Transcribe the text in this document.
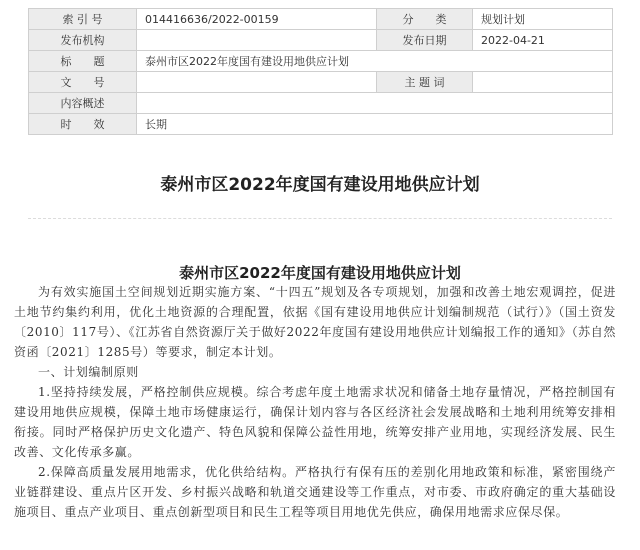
索 引 号	014416636/2022-00159	分　　类	规划计划
发布机构		发布日期	2022-04-21
标　　题	泰州市区2022年度国有建设用地供应计划		
文　　号		主 题 词	
内容概述			
时　　效	长期		
泰州市区2022年度国有建设用地供应计划
泰州市区2022年度国有建设用地供应计划

为有效实施国土空间规划近期实施方案、“十四五”规划及各专项规划，加强和改善土地宏观调控，促进土地节约集约利用，优化土地资源的合理配置，依据《国有建设用地供应计划编制规范（试行）》（国土资发〔2010〕117号）、《江苏省自然资源厅关于做好2022年度国有建设用地供应计划编报工作的通知》（苏自然资函〔2021〕1285号）等要求，制定本计划。

一、计划编制原则

1.坚持持续发展，严格控制供应规模。综合考虑年度土地需求状况和储备土地存量情况，严格控制国有建设用地供应规模，保障土地市场健康运行，确保计划内容与各区经济社会发展战略和土地利用统筹安排相衔接。同时严格保护历史文化遗产、特色风貌和保障公益性用地，统筹安排产业用地，实现经济发展、民生改善、文化传承多赢。

2.保障高质量发展用地需求，优化供给结构。严格执行有保有压的差别化用地政策和标准，紧密围绕产业链群建设、重点片区开发、乡村振兴战略和轨道交通建设等工作重点，对市委、市政府确定的重大基础设施项目、重点产业项目、重点创新型项目和民生工程等项目用地优先供应，确保用地需求应保尽保。
